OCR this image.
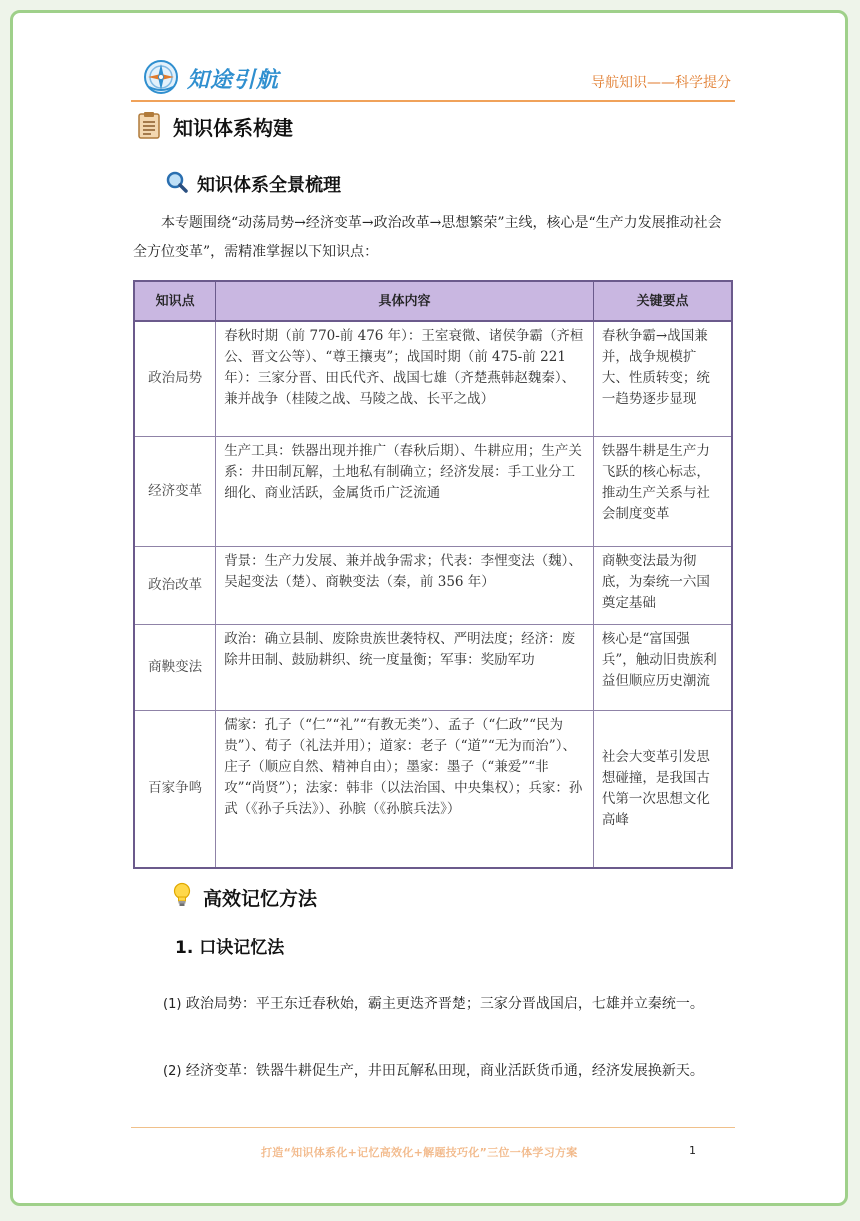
知途引航	导航知识——科学提分
知识体系构建
知识体系全景梳理
本专题围绕“动荡局势→经济变革→政治改革→思想繁荣”主线，核心是“生产力发展推动社会全方位变革”，需精准掌握以下知识点：
知识点	具体内容	关键要点
政治局势	春秋时期（前 770-前 476 年）：王室衰微、诸侯争霸（齐桓公、晋文公等）、“尊王攘夷”；战国时期（前 475-前 221 年）：三家分晋、田氏代齐、战国七雄（齐楚燕韩赵魏秦）、兼并战争（桂陵之战、马陵之战、长平之战）	春秋争霸→战国兼并，战争规模扩大、性质转变；统一趋势逐步显现
经济变革	生产工具：铁器出现并推广（春秋后期）、牛耕应用；生产关系：井田制瓦解，土地私有制确立；经济发展：手工业分工细化、商业活跃，金属货币广泛流通	铁器牛耕是生产力飞跃的核心标志，推动生产关系与社会制度变革
政治改革	背景：生产力发展、兼并战争需求；代表：李悝变法（魏）、吴起变法（楚）、商鞅变法（秦，前 356 年）	商鞅变法最为彻底，为秦统一六国奠定基础
商鞅变法	政治：确立县制、废除贵族世袭特权、严明法度；经济：废除井田制、鼓励耕织、统一度量衡；军事：奖励军功	核心是“富国强兵”，触动旧贵族利益但顺应历史潮流
百家争鸣	儒家：孔子（“仁”“礼”“有教无类”）、孟子（“仁政”“民为贵”）、荀子（礼法并用）；道家：老子（“道”“无为而治”）、庄子（顺应自然、精神自由）；墨家：墨子（“兼爱”“非攻”“尚贤”）；法家：韩非（以法治国、中央集权）；兵家：孙武（《孙子兵法》）、孙膑（《孙膑兵法》）	社会大变革引发思想碰撞，是我国古代第一次思想文化高峰
高效记忆方法
1. 口诀记忆法
(1) 政治局势：平王东迁春秋始，霸主更迭齐晋楚；三家分晋战国启，七雄并立秦统一。
(2) 经济变革：铁器牛耕促生产，井田瓦解私田现，商业活跃货币通，经济发展换新天。
打造“知识体系化+记忆高效化+解题技巧化”三位一体学习方案	1
